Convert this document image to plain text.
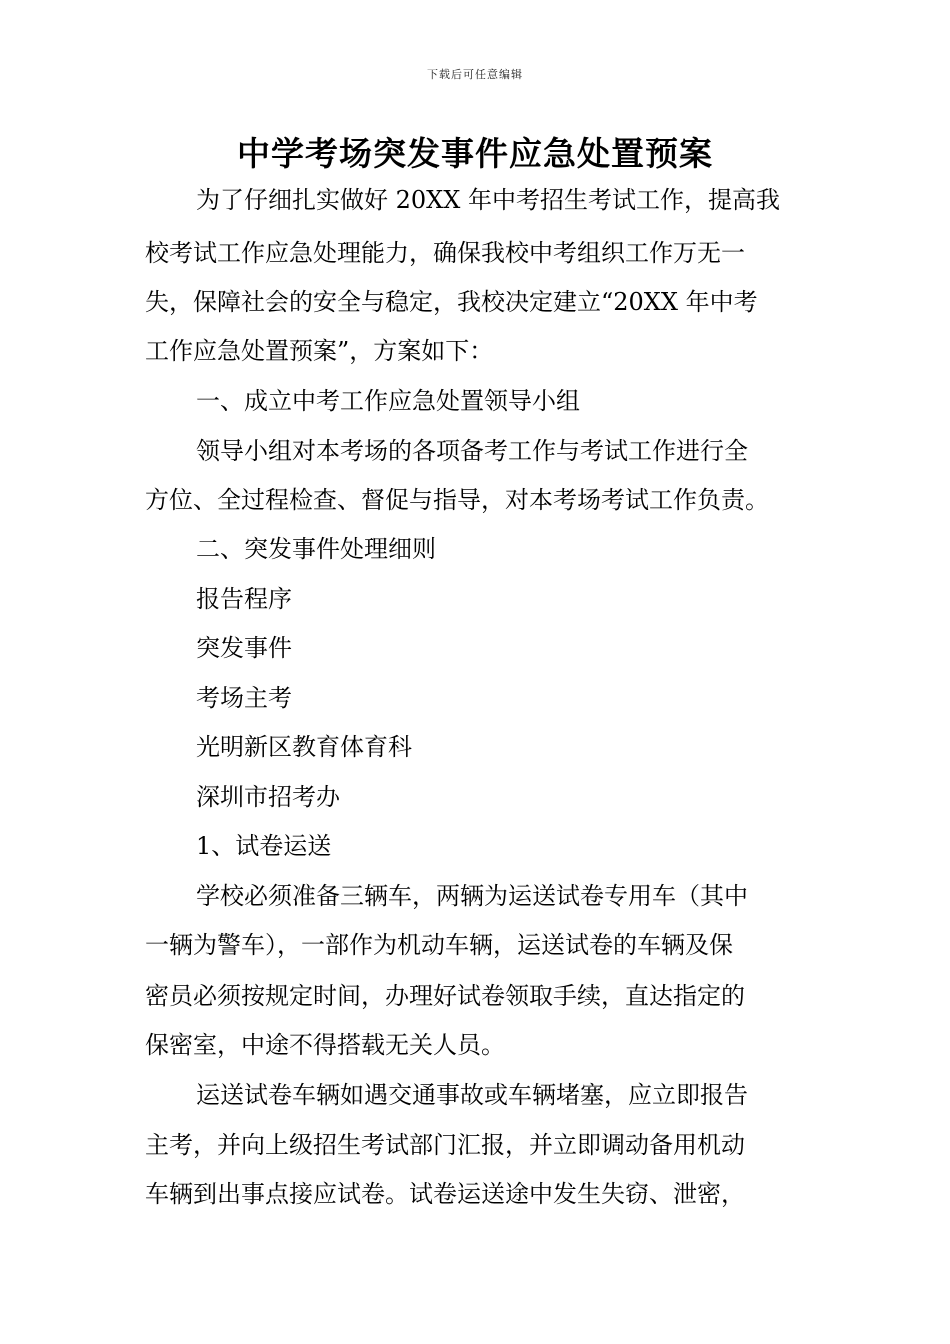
下载后可任意编辑
中学考场突发事件应急处置预案
为了仔细扎实做好 20XX 年中考招生考试工作，提高我
校考试工作应急处理能力，确保我校中考组织工作万无一
失，保障社会的安全与稳定，我校决定建立“20XX 年中考
工作应急处置预案”，方案如下：
一、成立中考工作应急处置领导小组
领导小组对本考场的各项备考工作与考试工作进行全
方位、全过程检查、督促与指导，对本考场考试工作负责。
二、突发事件处理细则
报告程序
突发事件
考场主考
光明新区教育体育科
深圳市招考办
1、试卷运送
学校必须准备三辆车，两辆为运送试卷专用车（其中
一辆为警车），一部作为机动车辆，运送试卷的车辆及保
密员必须按规定时间，办理好试卷领取手续，直达指定的
保密室，中途不得搭载无关人员。
运送试卷车辆如遇交通事故或车辆堵塞，应立即报告
主考，并向上级招生考试部门汇报，并立即调动备用机动
车辆到出事点接应试卷。试卷运送途中发生失窃、泄密，
